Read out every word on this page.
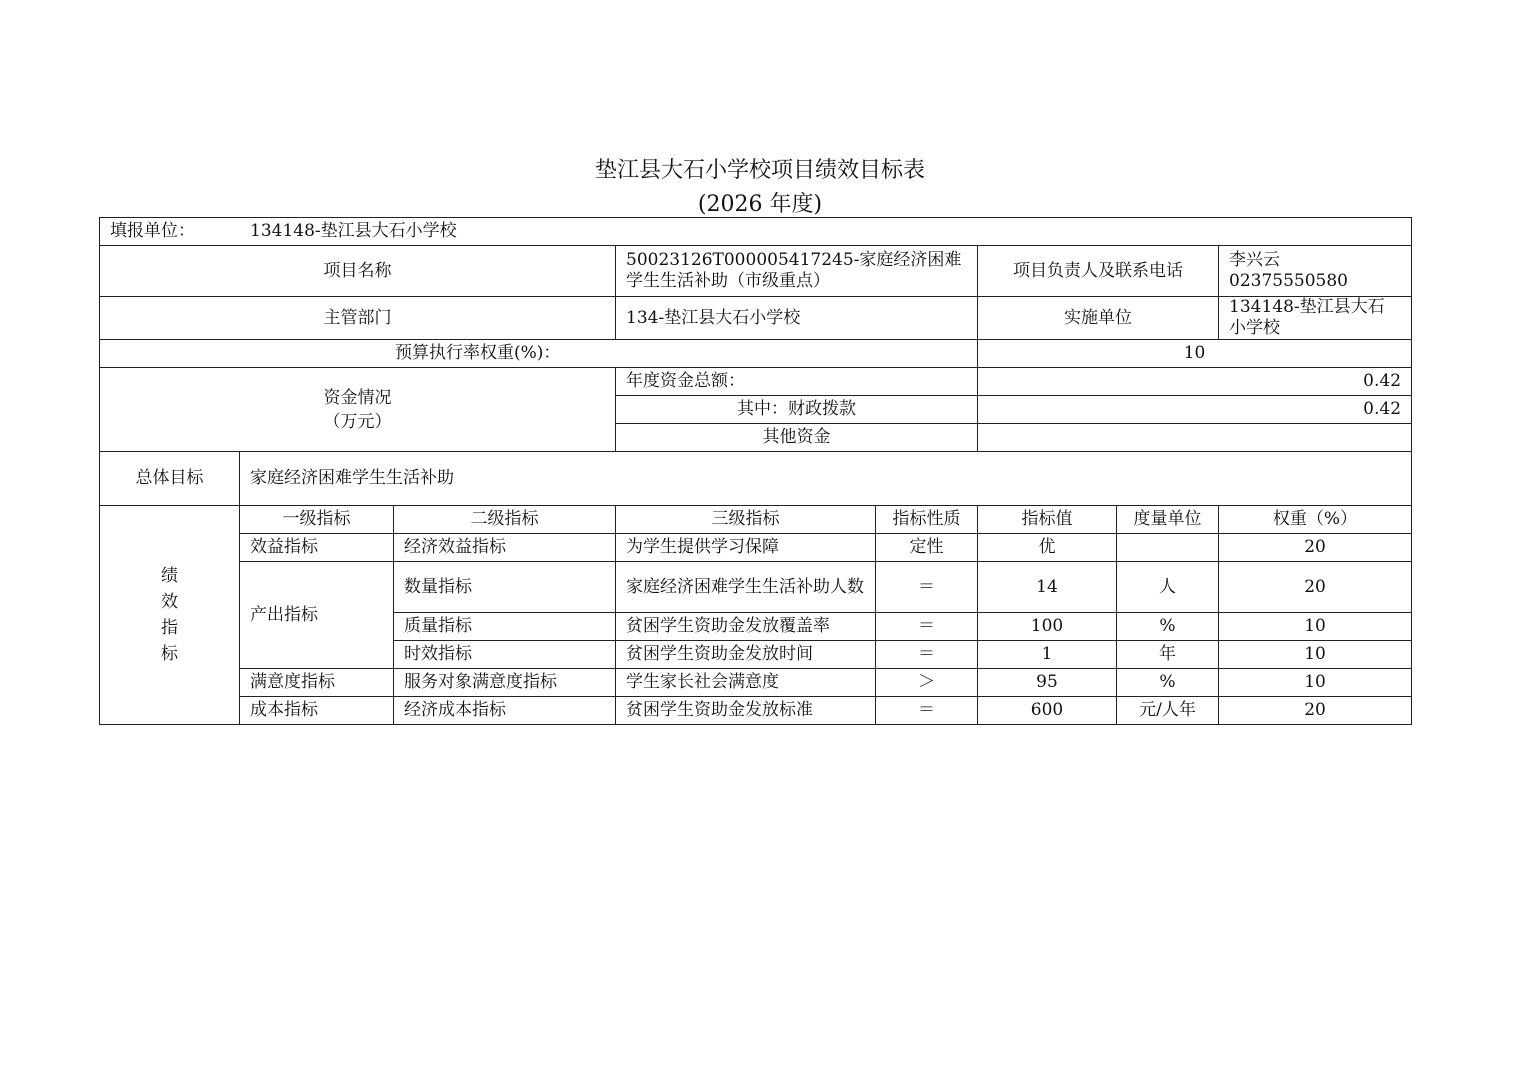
垫江县大石小学校项目绩效目标表
(2026 年度)
填报单位： 134148-垫江县大石小学校							
项目名称			50023126T000005417245-家庭经济困难学生生活补助（市级重点）		项目负责人及联系电话		李兴云 02375550580
主管部门			134-垫江县大石小学校		实施单位		134148-垫江县大石小学校
预算执行率权重(%)：					10		
资金情况
（万元）			年度资金总额：		0.42		
			其中：财政拨款		0.42		
			其他资金				
总体目标	家庭经济困难学生生活补助						
绩
效
指
标	一级指标	二级指标	三级指标	指标性质	指标值	度量单位	权重（%）
	效益指标	经济效益指标	为学生提供学习保障	定性	优		20
	产出指标	数量指标	家庭经济困难学生生活补助人数	＝	14	人	20
		质量指标	贫困学生资助金发放覆盖率	＝	100	%	10
		时效指标	贫困学生资助金发放时间	＝	1	年	10
	满意度指标	服务对象满意度指标	学生家长社会满意度	＞	95	%	10
	成本指标	经济成本指标	贫困学生资助金发放标准	＝	600	元/人年	20
